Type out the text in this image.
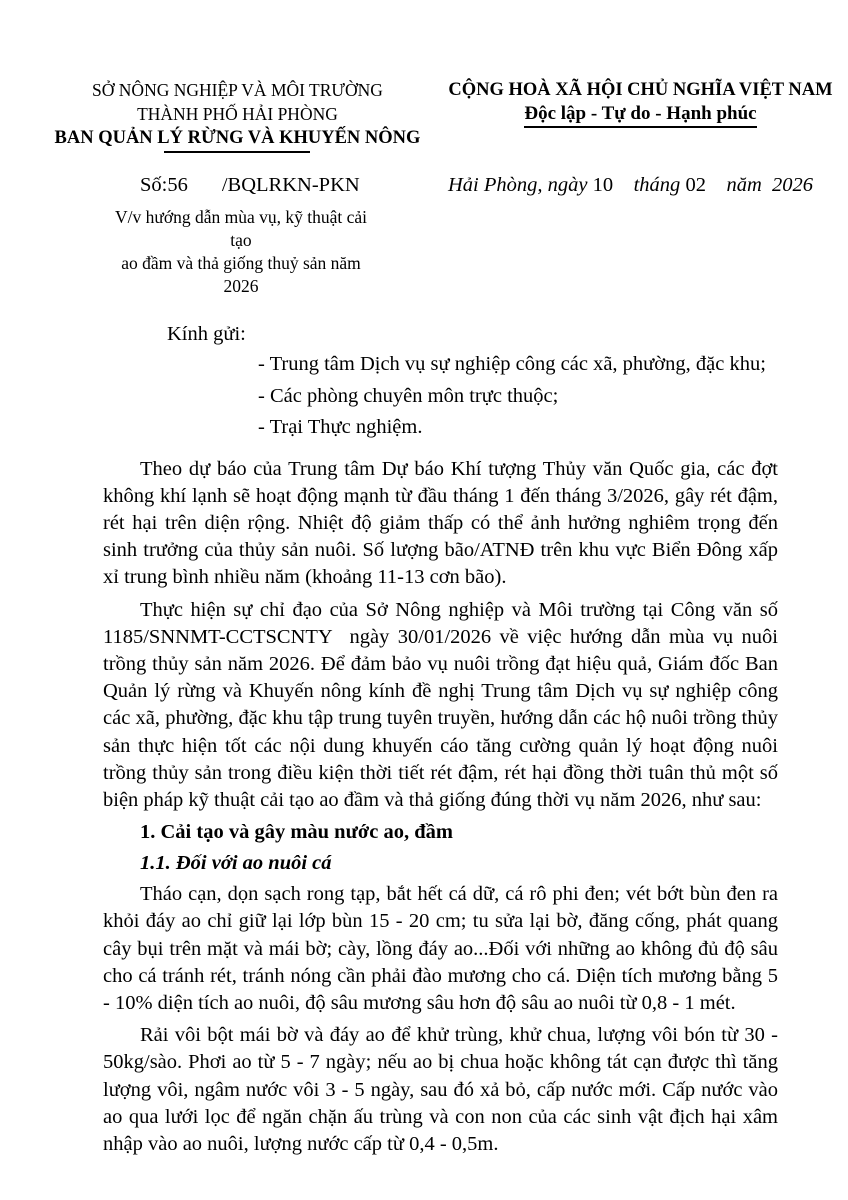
SỞ NÔNG NGHIỆP VÀ MÔI TRƯỜNG
THÀNH PHỐ HẢI PHÒNG
BAN QUẢN LÝ RỪNG VÀ KHUYẾN NÔNG
CỘNG HOÀ XÃ HỘI CHỦ NGHĨA VIỆT NAM
Độc lập - Tự do - Hạnh phúc
Số:56 /BQLRKN-PKN	Hải Phòng, ngày 10    tháng 02    năm  2026
V/v hướng dẫn mùa vụ, kỹ thuật cải tạo
ao đầm và thả giống thuỷ sản năm 2026
Kính gửi:
- Trung tâm Dịch vụ sự nghiệp công các xã, phường, đặc khu;
- Các phòng chuyên môn trực thuộc;
- Trại Thực nghiệm.

Theo dự báo của Trung tâm Dự báo Khí tượng Thủy văn Quốc gia, các đợt không khí lạnh sẽ hoạt động mạnh từ đầu tháng 1 đến tháng 3/2026, gây rét đậm, rét hại trên diện rộng. Nhiệt độ giảm thấp có thể ảnh hưởng nghiêm trọng đến sinh trưởng của thủy sản nuôi. Số lượng bão/ATNĐ trên khu vực Biển Đông xấp xỉ trung bình nhiều năm (khoảng 11-13 cơn bão).

Thực hiện sự chỉ đạo của Sở Nông nghiệp và Môi trường tại Công văn số 1185/SNNMT-CCTSCNTY  ngày 30/01/2026 về việc hướng dẫn mùa vụ nuôi trồng thủy sản năm 2026. Để đảm bảo vụ nuôi trồng đạt hiệu quả, Giám đốc Ban Quản lý rừng và Khuyến nông kính đề nghị Trung tâm Dịch vụ sự nghiệp công các xã, phường, đặc khu tập trung tuyên truyền, hướng dẫn các hộ nuôi trồng thủy sản thực hiện tốt các nội dung khuyến cáo tăng cường quản lý hoạt động nuôi trồng thủy sản trong điều kiện thời tiết rét đậm, rét hại đồng thời tuân thủ một số biện pháp kỹ thuật cải tạo ao đầm và thả giống đúng thời vụ năm 2026, như sau:

1. Cải tạo và gây màu nước ao, đầm
1.1. Đối với ao nuôi cá

Tháo cạn, dọn sạch rong tạp, bắt hết cá dữ, cá rô phi đen; vét bớt bùn đen ra khỏi đáy ao chỉ giữ lại lớp bùn 15 - 20 cm; tu sửa lại bờ, đăng cống, phát quang cây bụi trên mặt và mái bờ; cày, lồng đáy ao...Đối với những ao không đủ độ sâu cho cá tránh rét, tránh nóng cần phải đào mương cho cá. Diện tích mương bằng 5 - 10% diện tích ao nuôi, độ sâu mương sâu hơn độ sâu ao nuôi từ 0,8 - 1 mét.

Rải vôi bột mái bờ và đáy ao để khử trùng, khử chua, lượng vôi bón từ 30 - 50kg/sào. Phơi ao từ 5 - 7 ngày; nếu ao bị chua hoặc không tát cạn được thì tăng lượng vôi, ngâm nước vôi 3 - 5 ngày, sau đó xả bỏ, cấp nước mới. Cấp nước vào ao qua lưới lọc để ngăn chặn ấu trùng và con non của các sinh vật địch hại xâm nhập vào ao nuôi, lượng nước cấp từ 0,4 - 0,5m.
